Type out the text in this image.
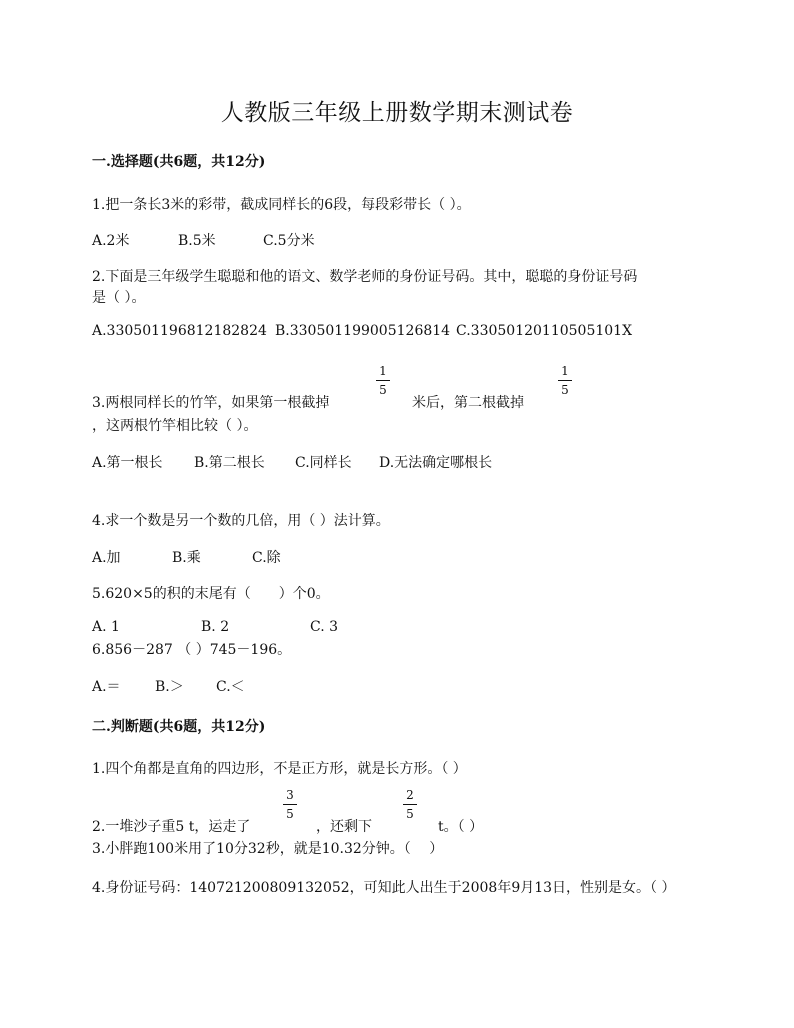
人教版三年级上册数学期末测试卷
一.选择题(共6题，共12分)
1.把一条长3米的彩带，截成同样长的6段，每段彩带长（ ）。
A.2米	B.5米	C.5分米
2.下面是三年级学生聪聪和他的语文、数学老师的身份证号码。其中，聪聪的身份证号码
是（ ）。
A.330501196812182824 B.330501199005126814 C.33050120110505101X
3.两根同样长的竹竿，如果第一根截掉
1
5
米后，第二根截掉
1
5
，这两根竹竿相比较（ ）。
A.第一根长 B.第二根长 C.同样长 D.无法确定哪根长
4.求一个数是另一个数的几倍，用（ ）法计算。
A.加	B.乘	C.除
5.620×5的积的末尾有（　　）个0。
A. 1	B. 2	C. 3
6.856－287 （ ）745－196。
A.＝ B.＞ C.＜
二.判断题(共6题，共12分)
1.四个角都是直角的四边形，不是正方形，就是长方形。（ ）
2.一堆沙子重5 t，运走了
3
5
，还剩下
2
5
t。（ ）
3.小胖跑100米用了10分32秒，就是10.32分钟。（　 ）
4.身份证号码：140721200809132052，可知此人出生于2008年9月13日，性别是女。（ ）
